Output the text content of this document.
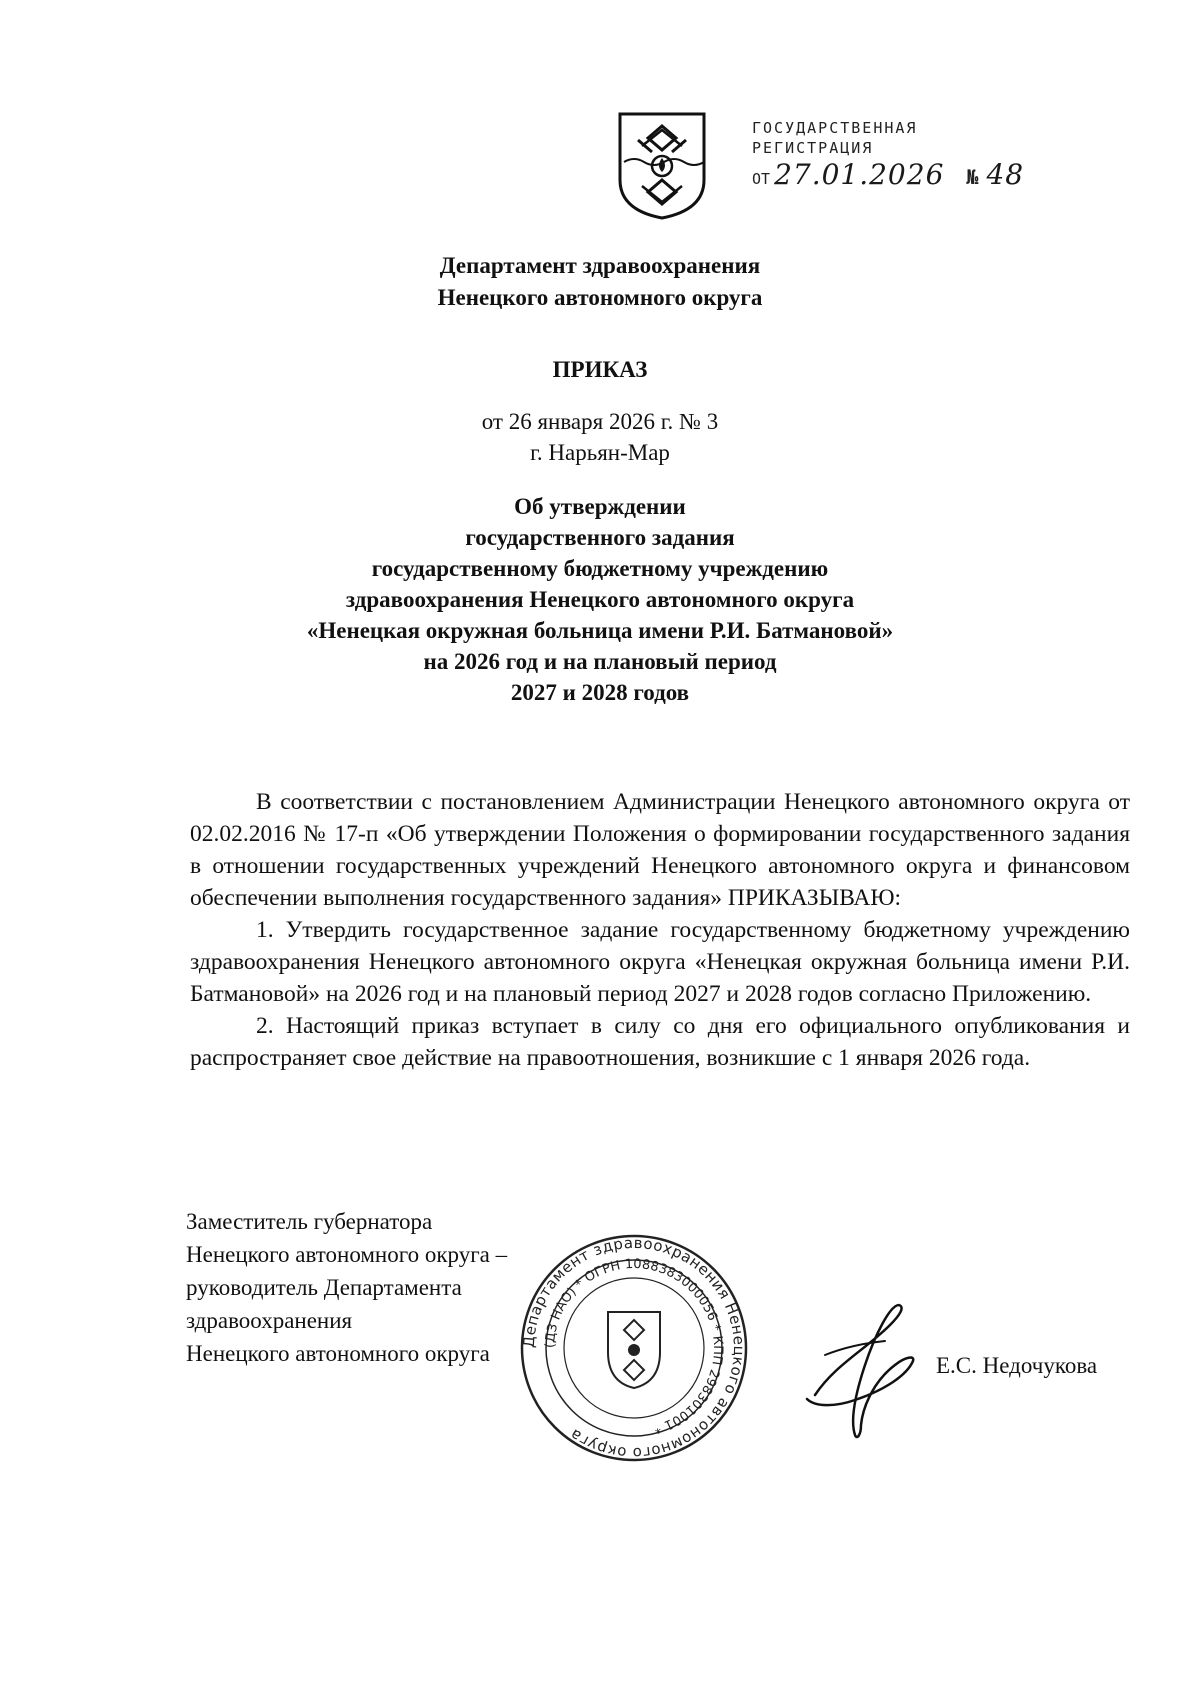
ГОСУДАРСТВЕННАЯ
РЕГИСТРАЦИЯ
ОТ 27.01.2026 № 48
Департамент здравоохранения
Ненецкого автономного округа
ПРИКАЗ
от 26 января 2026 г. № 3
г. Нарьян-Мар
Об утверждении
государственного задания
государственному бюджетному учреждению
здравоохранения Ненецкого автономного округа
«Ненецкая окружная больница имени Р.И. Батмановой»
на 2026 год и на плановый период
2027 и 2028 годов

В соответствии с постановлением Администрации Ненецкого автономного округа от 02.02.2016 № 17-п «Об утверждении Положения о формировании государственного задания в отношении государственных учреждений Ненецкого автономного округа и финансовом обеспечении выполнения государственного задания» ПРИКАЗЫВАЮ:

1. Утвердить государственное задание государственному бюджетному учреждению здравоохранения Ненецкого автономного округа «Ненецкая окружная больница имени Р.И. Батмановой» на 2026 год и на плановый период 2027 и 2028 годов согласно Приложению.

2. Настоящий приказ вступает в силу со дня его официального опубликования и распространяет свое действие на правоотношения, возникшие с 1 января 2026 года.

Заместитель губернатора
Ненецкого автономного округа –
руководитель Департамента
здравоохранения
Ненецкого автономного округа	Департамент здравоохранения Ненецкого автономного округа
(ДЗ НАО) * ОГРН 1088383000056 * КПП 298301001 *
Е.С. Недочукова
